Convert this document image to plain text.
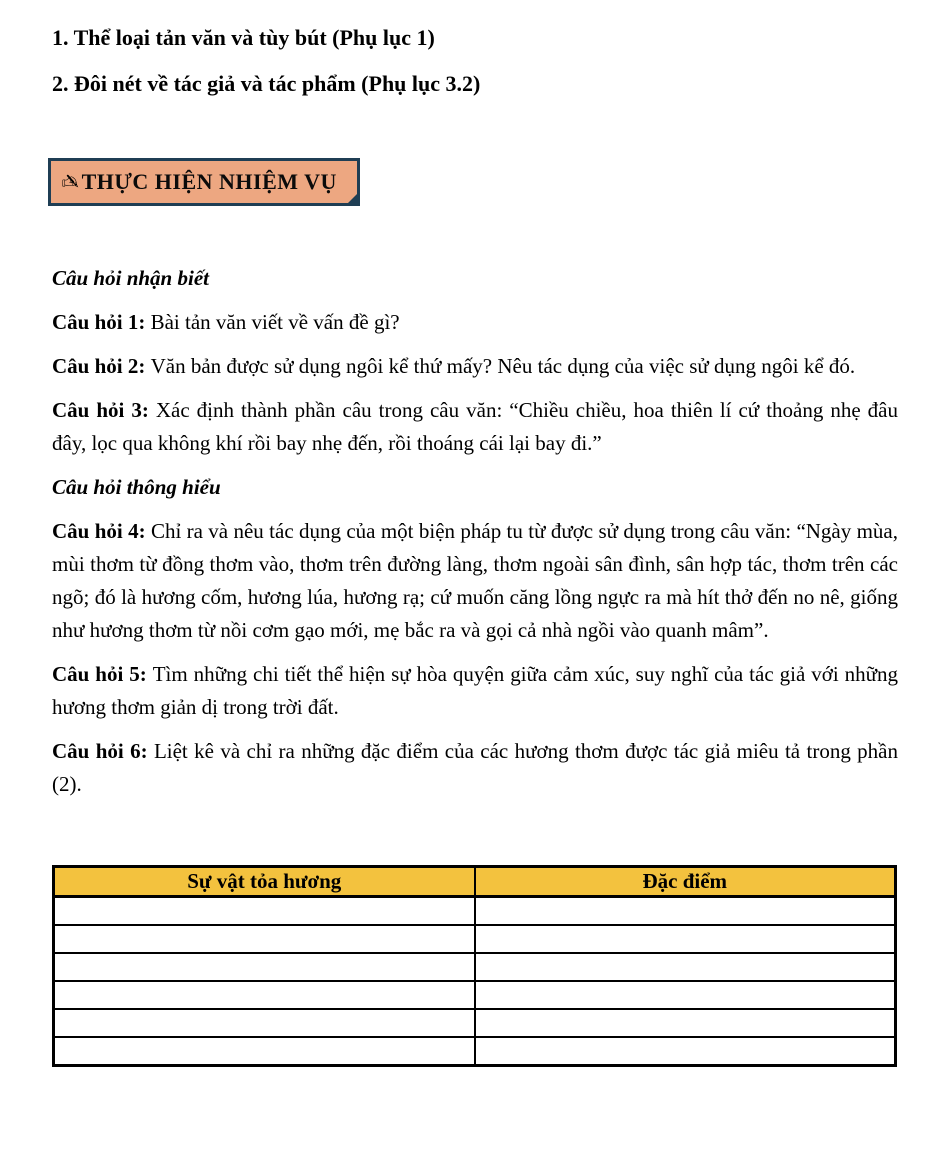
1. Thể loại tản văn và tùy bút (Phụ lục 1)

2. Đôi nét về tác giả và tác phẩm (Phụ lục 3.2)

✍ THỰC HIỆN NHIỆM VỤ

Câu hỏi nhận biết

Câu hỏi 1: Bài tản văn viết về vấn đề gì?

Câu hỏi 2: Văn bản được sử dụng ngôi kể thứ mấy? Nêu tác dụng của việc sử dụng ngôi kể đó.

Câu hỏi 3: Xác định thành phần câu trong câu văn: “Chiều chiều, hoa thiên lí cứ thoảng nhẹ đâu đây, lọc qua không khí rồi bay nhẹ đến, rồi thoáng cái lại bay đi.”

Câu hỏi thông hiểu

Câu hỏi 4: Chỉ ra và nêu tác dụng của một biện pháp tu từ được sử dụng trong câu văn: “Ngày mùa, mùi thơm từ đồng thơm vào, thơm trên đường làng, thơm ngoài sân đình, sân hợp tác, thơm trên các ngõ; đó là hương cốm, hương lúa, hương rạ; cứ muốn căng lồng ngực ra mà hít thở đến no nê, giống như hương thơm từ nồi cơm gạo mới, mẹ bắc ra và gọi cả nhà ngồi vào quanh mâm”.

Câu hỏi 5: Tìm những chi tiết thể hiện sự hòa quyện giữa cảm xúc, suy nghĩ của tác giả với những hương thơm giản dị trong trời đất.

Câu hỏi 6: Liệt kê và chỉ ra những đặc điểm của các hương thơm được tác giả miêu tả trong phần (2).

Sự vật tỏa hương	Đặc điểm
